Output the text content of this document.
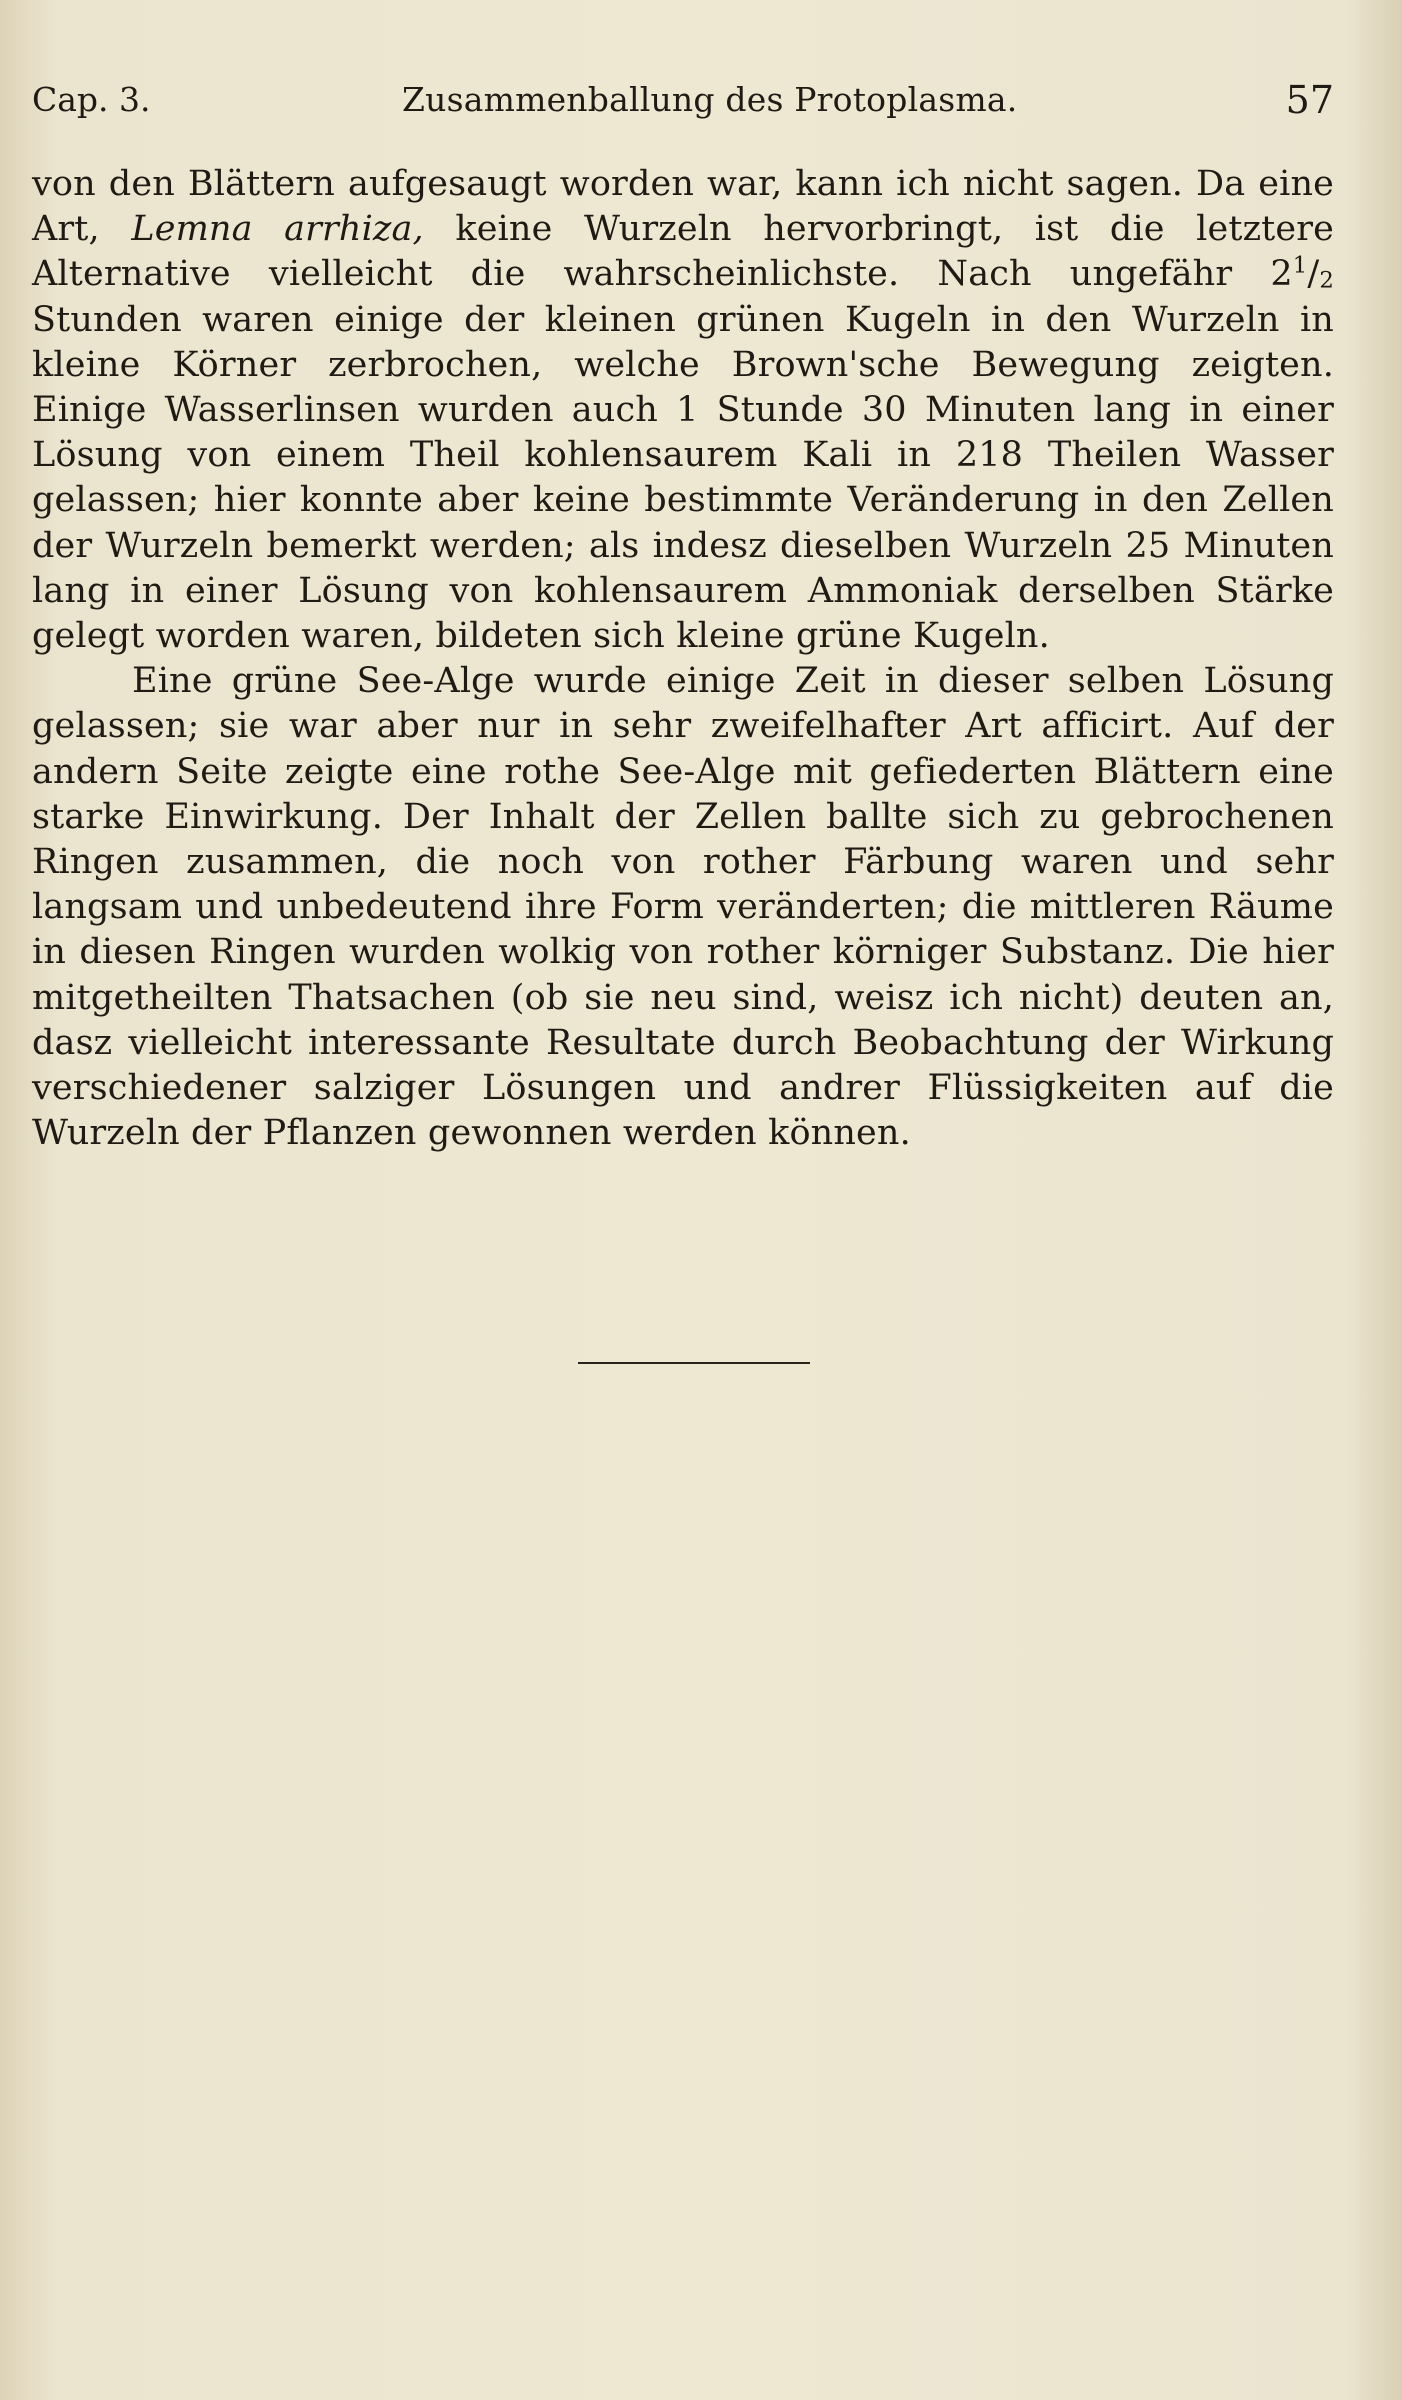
Cap. 3.	Zusammenballung des Protoplasma.	57

von den Blättern aufgesaugt worden war, kann ich nicht sagen. Da eine Art, Lemna arrhiza, keine Wurzeln hervorbringt, ist die letztere Alternative vielleicht die wahrscheinlichste. Nach ungefähr $2^1/_2$ Stunden waren einige der kleinen grünen Kugeln in den Wurzeln in kleine Körner zerbrochen, welche Brown'sche Bewegung zeigten. Einige Wasserlinsen wurden auch 1 Stunde 30 Minuten lang in einer Lösung von einem Theil kohlensaurem Kali in 218 Theilen Wasser gelassen; hier konnte aber keine bestimmte Veränderung in den Zellen der Wurzeln bemerkt werden; als indesz dieselben Wurzeln 25 Minuten lang in einer Lösung von kohlensaurem Ammoniak derselben Stärke gelegt worden waren, bildeten sich kleine grüne Kugeln.

Eine grüne See-Alge wurde einige Zeit in dieser selben Lösung gelassen; sie war aber nur in sehr zweifelhafter Art afficirt. Auf der andern Seite zeigte eine rothe See-Alge mit gefiederten Blättern eine starke Einwirkung. Der Inhalt der Zellen ballte sich zu gebrochenen Ringen zusammen, die noch von rother Färbung waren und sehr langsam und unbedeutend ihre Form veränderten; die mittleren Räume in diesen Ringen wurden wolkig von rother körniger Substanz. Die hier mitgetheilten Thatsachen (ob sie neu sind, weisz ich nicht) deuten an, dasz vielleicht interessante Resultate durch Beobachtung der Wirkung verschiedener salziger Lösungen und andrer Flüssigkeiten auf die Wurzeln der Pflanzen gewonnen werden können.
